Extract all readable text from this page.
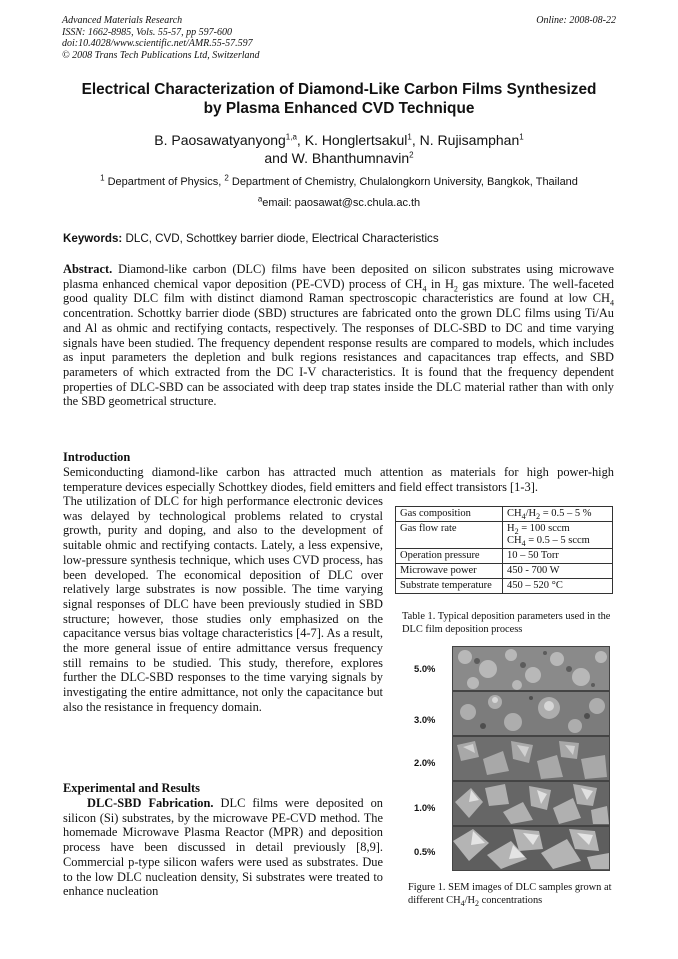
Advanced Materials Research
ISSN: 1662-8985, Vols. 55-57, pp 597-600
doi:10.4028/www.scientific.net/AMR.55-57.597
© 2008 Trans Tech Publications Ltd, Switzerland
Online: 2008-08-22
Electrical Characterization of Diamond-Like Carbon Films Synthesized
by Plasma Enhanced CVD Technique
B. Paosawatyanyong$^{1,a}$, K. Honglertsakul$^1$, N. Rujisamphan$^1$
and W. Bhanthumnavin$^2$
$^1$ Department of Physics, $^2$ Department of Chemistry, Chulalongkorn University, Bangkok, Thailand
$^a$email: paosawat@sc.chula.ac.th
Keywords: DLC, CVD, Schottkey barrier diode, Electrical Characteristics
Abstract. Diamond-like carbon (DLC) films have been deposited on silicon substrates using microwave plasma enhanced chemical vapor deposition (PE-CVD) process of $CH_4$ in $H_2$ gas mixture. The well-faceted good quality DLC film with distinct diamond Raman spectroscopic characteristics are found at low $CH_4$ concentration. Schottky barrier diode (SBD) structures are fabricated onto the grown DLC films using Ti/Au and Al as ohmic and rectifying contacts, respectively. The responses of DLC-SBD to DC and time varying signals have been studied. The frequency dependent response results are compared to models, which includes as input parameters the depletion and bulk regions resistances and capacitances trap effects, and SBD parameters of which extracted from the DC I-V characteristics. It is found that the frequency dependent properties of DLC-SBD can be associated with deep trap states inside the DLC material rather than with only the SBD geometrical structure.
Introduction
Semiconducting diamond-like carbon has attracted much attention as materials for high power-high temperature devices especially Schottkey diodes, field emitters and field effect transistors [1-3].
The utilization of DLC for high performance electronic devices was delayed by technological problems related to crystal growth, purity and doping, and also to the development of suitable ohmic and rectifying contacts. Lately, a less expensive, low-pressure synthesis technique, which uses CVD process, has been developed. The economical deposition of DLC over relatively large substrates is now possible. The time varying signal responses of DLC have been previously studied in SBD structure; however, those studies only emphasized on the capacitance versus bias voltage characteristics [4-7]. As a result, the more general issue of entire admittance versus frequency still remains to be studied. This study, therefore, explores further the DLC-SBD responses to the time varying signals by investigating the entire admittance, not only the capacitance but also the resistance in frequency domain.
Experimental and Results
DLC-SBD Fabrication. DLC films were deposited on silicon (Si) substrates, by the microwave PE-CVD method. The homemade Microwave Plasma Reactor (MPR) and deposition process have been discussed in detail previously [8,9]. Commercial p-type silicon wafers were used as substrates. Due to the low DLC nucleation density, Si substrates were treated to enhance nucleation
Gas composition	$CH_4/H_2 = 0.5 - 5$ %
Gas flow rate	$H_2 = 100$ sccm
$CH_4 = 0.5 - 5$ sccm
Operation pressure	10 – 50 Torr
Microwave power	450 - 700 W
Substrate temperature	450 – 520 °C
Table 1. Typical deposition parameters used in the DLC film deposition process
5.0%
3.0%
2.0%
1.0%
0.5%
Figure 1. SEM images of DLC samples grown at different $CH_4/H_2$ concentrations
